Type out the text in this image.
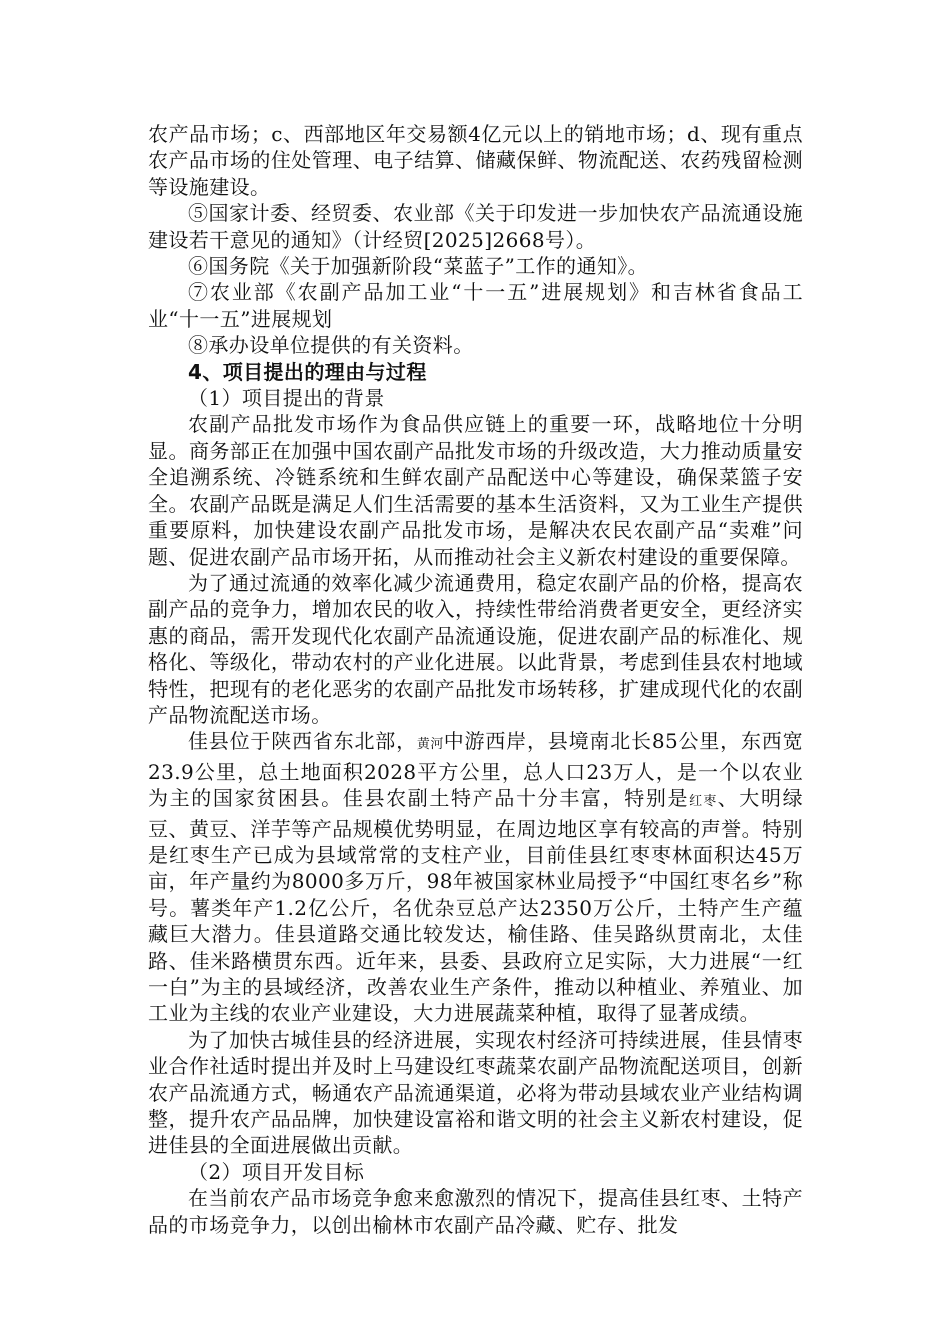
农产品市场；c、西部地区年交易额4亿元以上的销地市场；d、现有重点农产品市场的住处管理、电子结算、储藏保鲜、物流配送、农药残留检测等设施建设。

⑤国家计委、经贸委、农业部《关于印发进一步加快农产品流通设施建设若干意见的通知》（计经贸[2025]2668号）。

⑥国务院《关于加强新阶段“菜蓝子”工作的通知》。

⑦农业部《农副产品加工业“十一五”进展规划》和吉林省食品工业“十一五”进展规划

⑧承办设单位提供的有关资料。

4、项目提出的理由与过程

（1）项目提出的背景

农副产品批发市场作为食品供应链上的重要一环，战略地位十分明显。商务部正在加强中国农副产品批发市场的升级改造，大力推动质量安全追溯系统、冷链系统和生鲜农副产品配送中心等建设，确保菜篮子安全。农副产品既是满足人们生活需要的基本生活资料，又为工业生产提供重要原料，加快建设农副产品批发市场，是解决农民农副产品“卖难”问题、促进农副产品市场开拓，从而推动社会主义新农村建设的重要保障。

为了通过流通的效率化减少流通费用，稳定农副产品的价格，提高农副产品的竞争力，增加农民的收入，持续性带给消费者更安全，更经济实惠的商品，需开发现代化农副产品流通设施，促进农副产品的标准化、规格化、等级化，带动农村的产业化进展。以此背景，考虑到佳县农村地域特性，把现有的老化恶劣的农副产品批发市场转移，扩建成现代化的农副产品物流配送市场。

佳县位于陕西省东北部，黄河中游西岸，县境南北长85公里，东西宽23.9公里，总土地面积2028平方公里，总人口23万人，是一个以农业为主的国家贫困县。佳县农副土特产品十分丰富，特别是红枣、大明绿豆、黄豆、洋芋等产品规模优势明显，在周边地区享有较高的声誉。特别是红枣生产已成为县域常常的支柱产业，目前佳县红枣枣林面积达45万亩，年产量约为8000多万斤，98年被国家林业局授予“中国红枣名乡”称号。薯类年产1.2亿公斤，名优杂豆总产达2350万公斤，土特产生产蕴藏巨大潜力。佳县道路交通比较发达，榆佳路、佳吴路纵贯南北，太佳路、佳米路横贯东西。近年来，县委、县政府立足实际，大力进展“一红一白”为主的县域经济，改善农业生产条件，推动以种植业、养殖业、加工业为主线的农业产业建设，大力进展蔬菜种植，取得了显著成绩。

为了加快古城佳县的经济进展，实现农村经济可持续进展，佳县情枣业合作社适时提出并及时上马建设红枣蔬菜农副产品物流配送项目，创新农产品流通方式，畅通农产品流通渠道，必将为带动县域农业产业结构调整，提升农产品品牌，加快建设富裕和谐文明的社会主义新农村建设，促进佳县的全面进展做出贡献。

（2）项目开发目标

在当前农产品市场竞争愈来愈激烈的情况下，提高佳县红枣、土特产品的市场竞争力，以创出榆林市农副产品冷藏、贮存、批发
